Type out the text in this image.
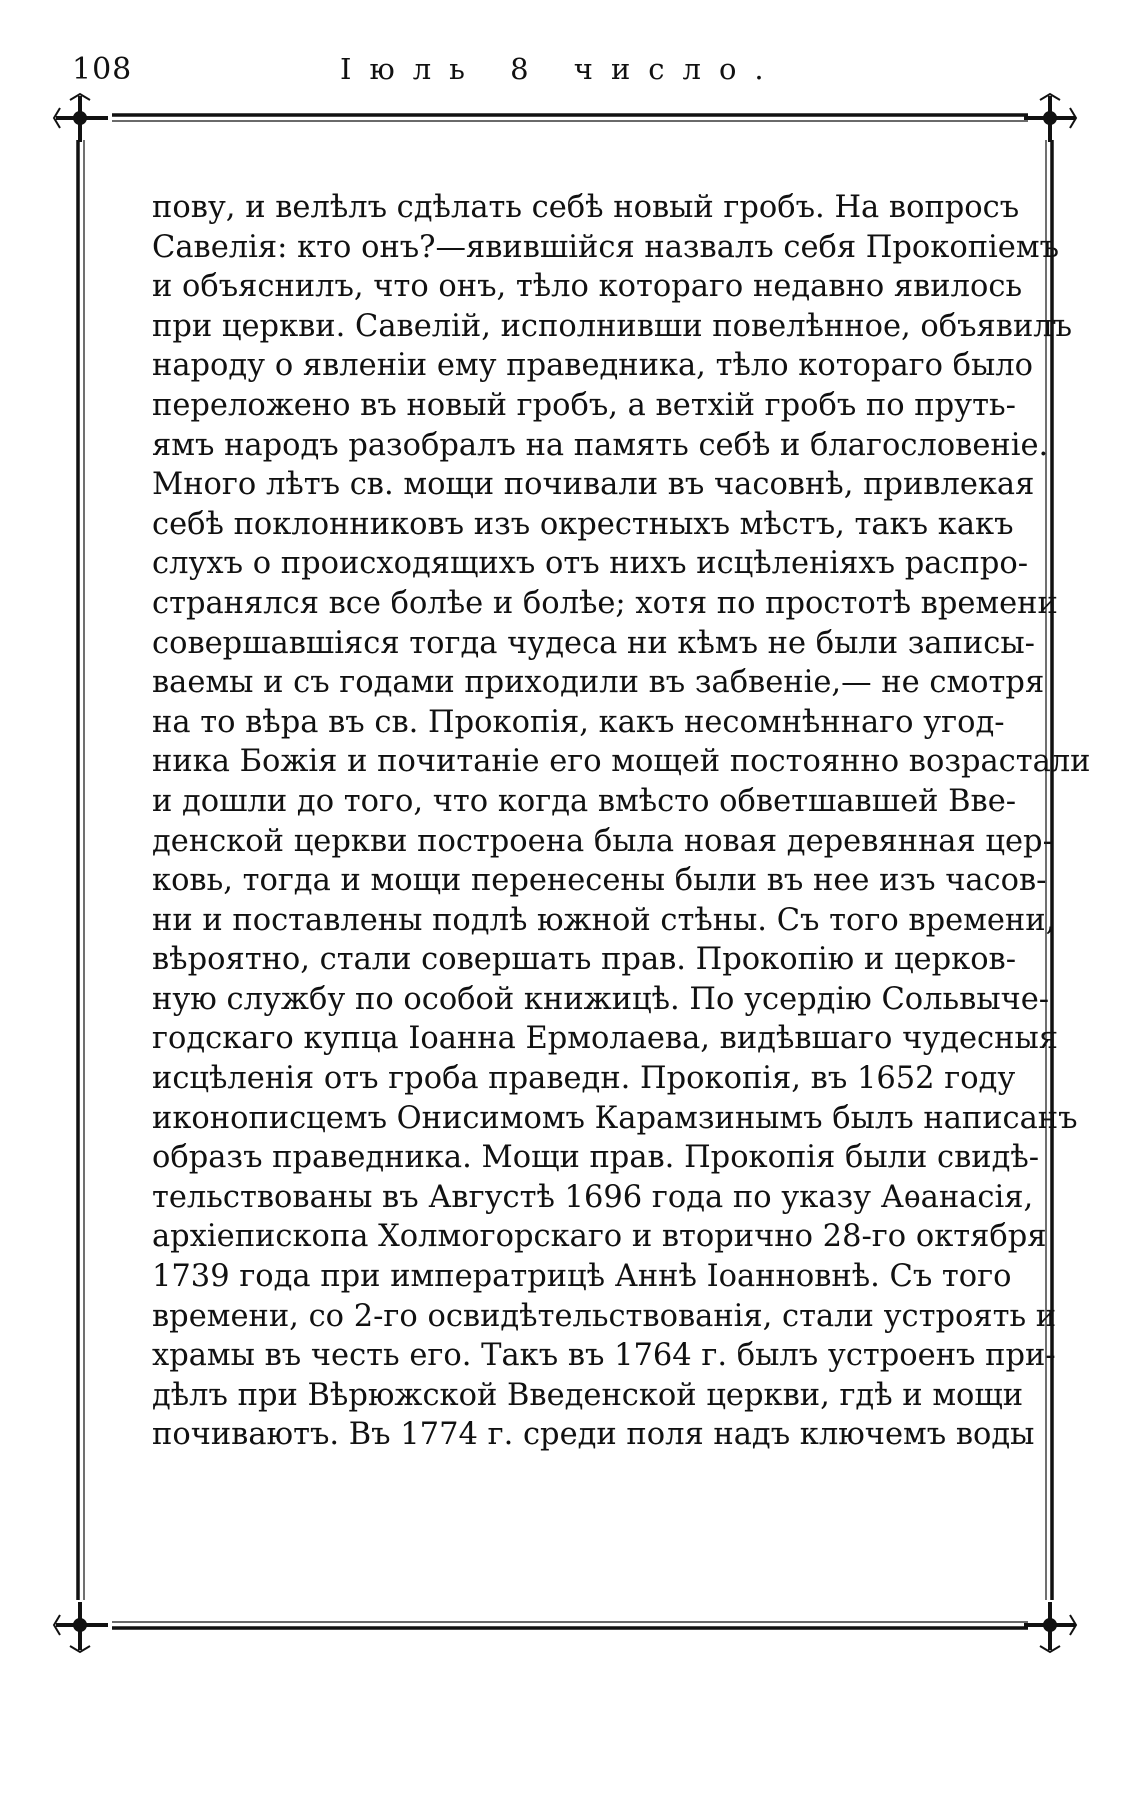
108	Іюль 8 число.
пову, и велѣлъ сдѣлать себѣ новый гробъ. На вопросъ
Савелія: кто онъ?—явившійся назвалъ себя Прокопіемъ
и объяснилъ, что онъ, тѣло котораго недавно явилось
при церкви. Савелій, исполнивши повелѣнное, объявилъ
народу о явленіи ему праведника, тѣло котораго было
переложено въ новый гробъ, а ветхій гробъ по пруть-
ямъ народъ разобралъ на память себѣ и благословеніе.
Много лѣтъ св. мощи почивали въ часовнѣ, привлекая
себѣ поклонниковъ изъ окрестныхъ мѣстъ, такъ какъ
слухъ о происходящихъ отъ нихъ исцѣленіяхъ распро-
странялся все болѣе и болѣе; хотя по простотѣ времени
совершавшіяся тогда чудеса ни кѣмъ не были записы-
ваемы и съ годами приходили въ забвеніе,— не смотря
на то вѣра въ св. Прокопія, какъ несомнѣннаго угод-
ника Божія и почитаніе его мощей постоянно возрастали
и дошли до того, что когда вмѣсто обветшавшей Вве-
денской церкви построена была новая деревянная цер-
ковь, тогда и мощи перенесены были въ нее изъ часов-
ни и поставлены подлѣ южной стѣны. Съ того времени,
вѣроятно, стали совершать прав. Прокопію и церков-
ную службу по особой книжицѣ. По усердію Сольвыче-
годскаго купца Іоанна Ермолаева, видѣвшаго чудесныя
исцѣленія отъ гроба праведн. Прокопія, въ 1652 году
иконописцемъ Онисимомъ Карамзинымъ былъ написанъ
образъ праведника. Мощи прав. Прокопія были свидѣ-
тельствованы въ Августѣ 1696 года по указу Аѳанасія,
архіепископа Холмогорскаго и вторично 28-го октября
1739 года при императрицѣ Аннѣ Іоанновнѣ. Съ того
времени, со 2-го освидѣтельствованія, стали устроять и
храмы въ честь его. Такъ въ 1764 г. былъ устроенъ при-
дѣлъ при Вѣрюжской Введенской церкви, гдѣ и мощи
почиваютъ. Въ 1774 г. среди поля надъ ключемъ воды
